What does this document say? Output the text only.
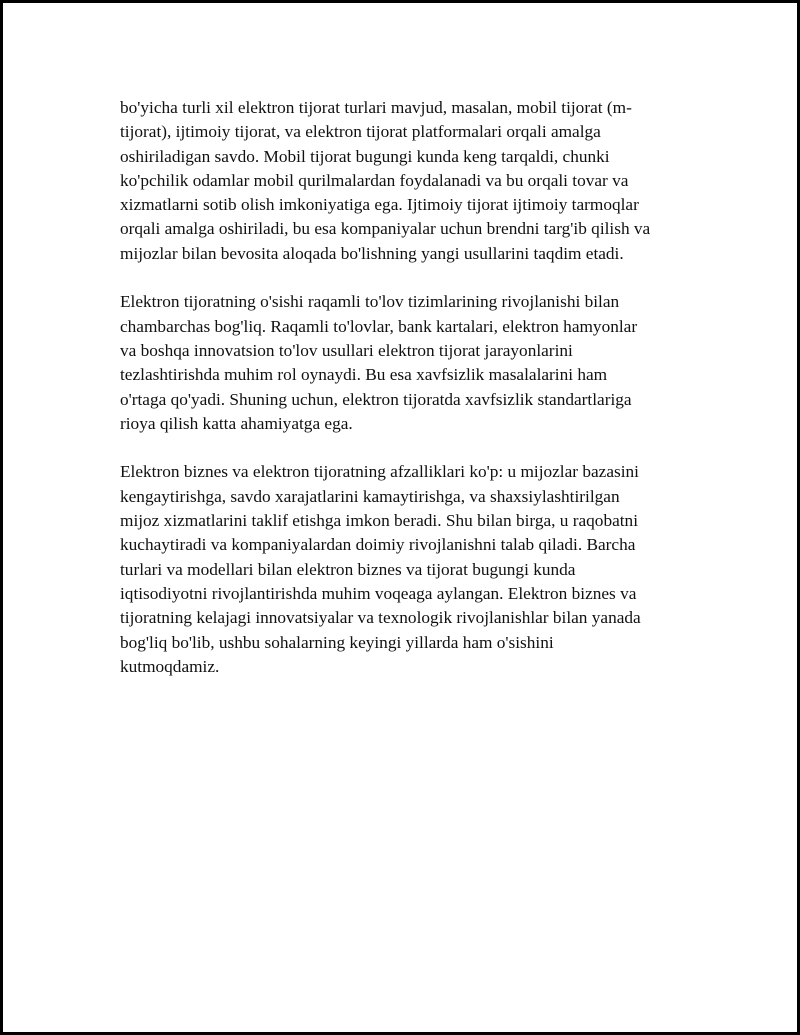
bo'yicha turli xil elektron tijorat turlari mavjud, masalan, mobil tijorat (m-
tijorat), ijtimoiy tijorat, va elektron tijorat platformalari orqali amalga
oshiriladigan savdo. Mobil tijorat bugungi kunda keng tarqaldi, chunki
ko'pchilik odamlar mobil qurilmalardan foydalanadi va bu orqali tovar va
xizmatlarni sotib olish imkoniyatiga ega. Ijtimoiy tijorat ijtimoiy tarmoqlar
orqali amalga oshiriladi, bu esa kompaniyalar uchun brendni targ'ib qilish va
mijozlar bilan bevosita aloqada bo'lishning yangi usullarini taqdim etadi.

Elektron tijoratning o'sishi raqamli to'lov tizimlarining rivojlanishi bilan
chambarchas bog'liq. Raqamli to'lovlar, bank kartalari, elektron hamyonlar
va boshqa innovatsion to'lov usullari elektron tijorat jarayonlarini
tezlashtirishda muhim rol oynaydi. Bu esa xavfsizlik masalalarini ham
o'rtaga qo'yadi. Shuning uchun, elektron tijoratda xavfsizlik standartlariga
rioya qilish katta ahamiyatga ega.

Elektron biznes va elektron tijoratning afzalliklari ko'p: u mijozlar bazasini
kengaytirishga, savdo xarajatlarini kamaytirishga, va shaxsiylashtirilgan
mijoz xizmatlarini taklif etishga imkon beradi. Shu bilan birga, u raqobatni
kuchaytiradi va kompaniyalardan doimiy rivojlanishni talab qiladi. Barcha
turlari va modellari bilan elektron biznes va tijorat bugungi kunda
iqtisodiyotni rivojlantirishda muhim voqeaga aylangan. Elektron biznes va
tijoratning kelajagi innovatsiyalar va texnologik rivojlanishlar bilan yanada
bog'liq bo'lib, ushbu sohalarning keyingi yillarda ham o'sishini
kutmoqdamiz.
